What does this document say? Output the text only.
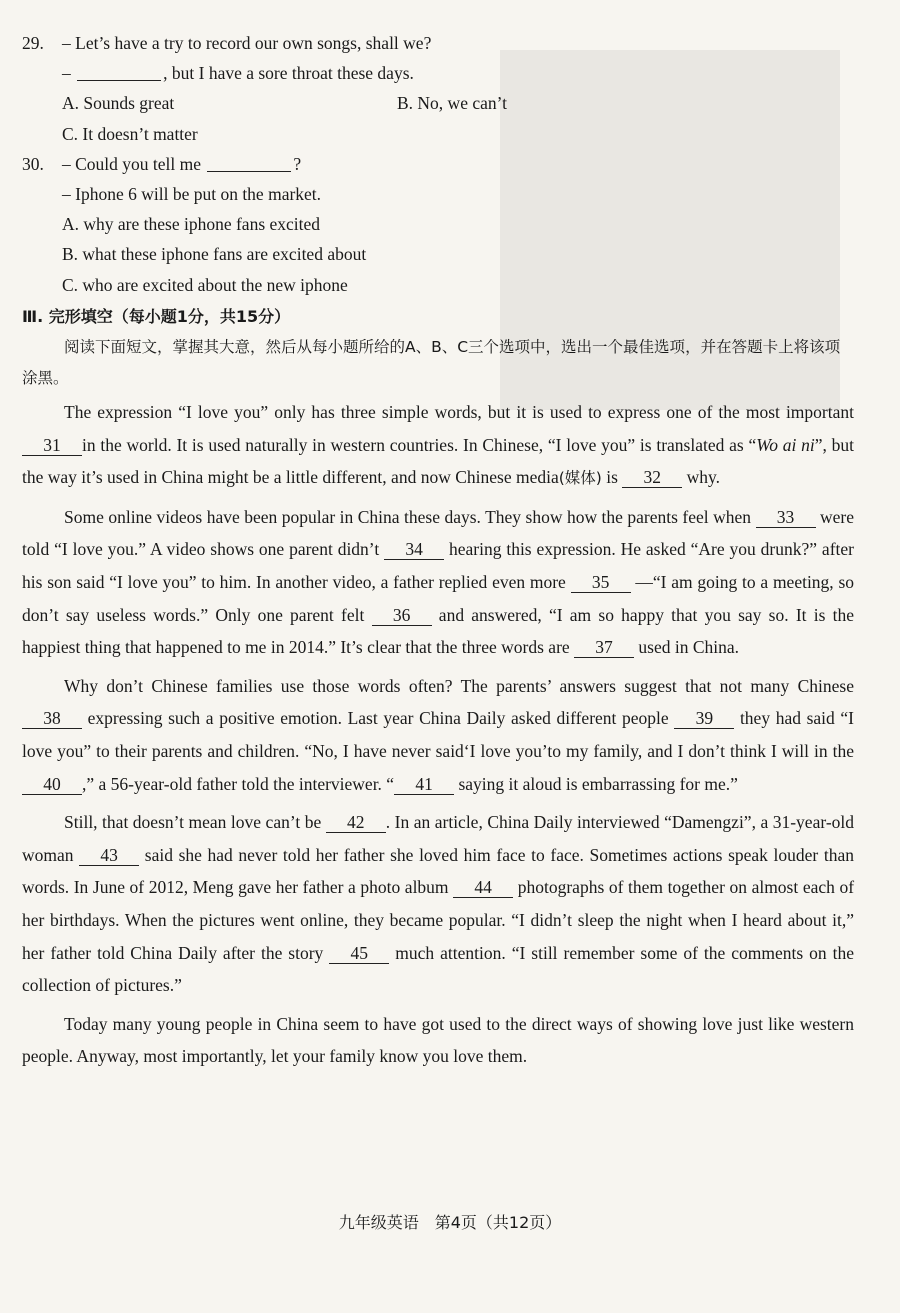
29.	– Let’s have a try to record our own songs, shall we?
–	, but I have a sore throat these days.
A. Sounds great	B. No, we can’t
C. It doesn’t matter
30.	– Could you tell me	?
– Iphone 6 will be put on the market.
A. why are these iphone fans excited
B. what these iphone fans are excited about
C. who are excited about the new iphone
Ⅲ. 完形填空（每小题1分，共15分）
阅读下面短文，掌握其大意，然后从每小题所给的A、B、C三个选项中，选出一个最佳选项，并在答题卡上将该项涂黑。
The expression “I love you” only has three simple words, but it is used to express one of the most important 31 in the world. It is used naturally in western countries. In Chinese, “I love you” is translated as “Wo ai ni”, but the way it’s used in China might be a little different, and now Chinese media(媒体) is 32 why.
Some online videos have been popular in China these days. They show how the parents feel when 33 were told “I love you.” A video shows one parent didn’t 34 hearing this expression. He asked “Are you drunk?” after his son said “I love you” to him. In another video, a father replied even more 35 —“I am going to a meeting, so don’t say useless words.” Only one parent felt 36 and answered, “I am so happy that you say so. It is the happiest thing that happened to me in 2014.” It’s clear that the three words are 37 used in China.
Why don’t Chinese families use those words often? The parents’ answers suggest that not many Chinese 38 expressing such a positive emotion. Last year China Daily asked different people 39 they had said “I love you” to their parents and children. “No, I have never said‘I love you’to my family, and I don’t think I will in the 40 ,” a 56-year-old father told the interviewer. “ 41 saying it aloud is embarrassing for me.”
Still, that doesn’t mean love can’t be 42 . In an article, China Daily interviewed “Damengzi”, a 31-year-old woman 43 said she had never told her father she loved him face to face. Sometimes actions speak louder than words. In June of 2012, Meng gave her father a photo album 44 photographs of them together on almost each of her birthdays. When the pictures went online, they became popular. “I didn’t sleep the night when I heard about it,” her father told China Daily after the story 45 much attention. “I still remember some of the comments on the collection of pictures.”
Today many young people in China seem to have got used to the direct ways of showing love just like western people. Anyway, most importantly, let your family know you love them.
九年级英语　第4页（共12页）
